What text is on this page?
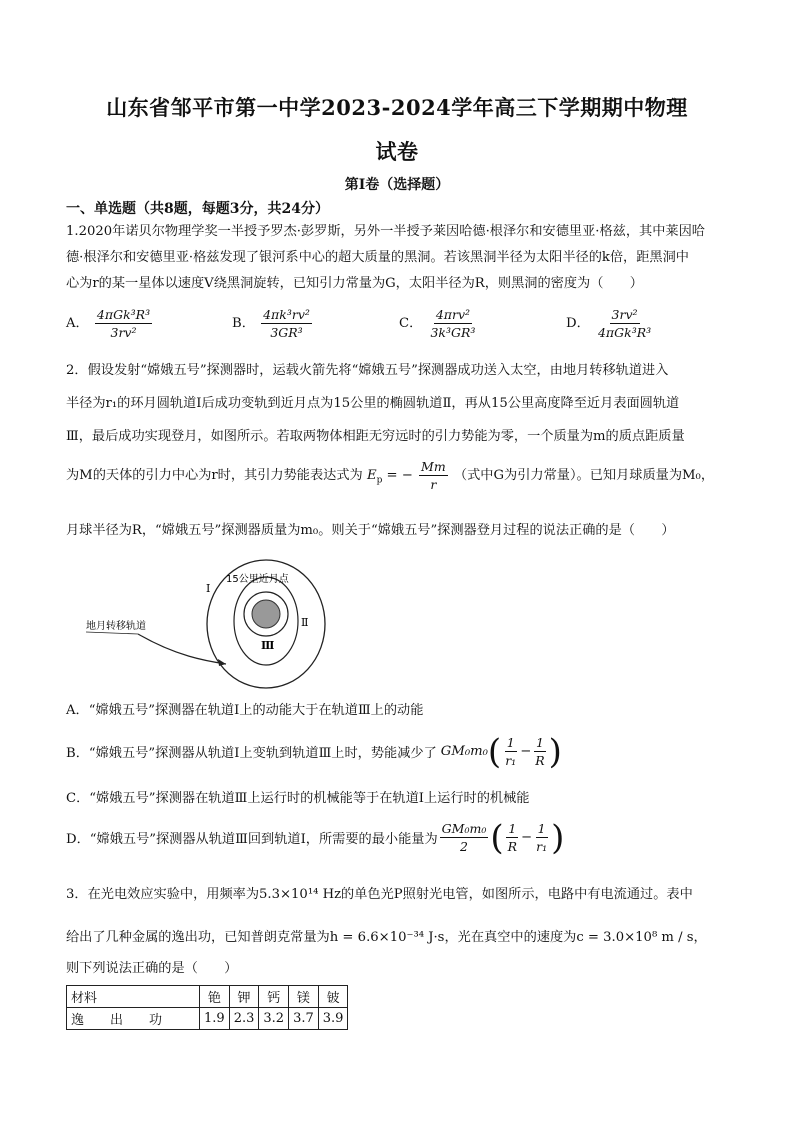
山东省邹平市第一中学2023-2024学年高三下学期期中物理
试卷
第Ⅰ卷（选择题）
一、单选题（共8题，每题3分，共24分）
1.2020年诺贝尔物理学奖一半授予罗杰·彭罗斯，另外一半授予莱因哈德·根泽尔和安德里亚·格兹，其中莱因哈
德·根泽尔和安德里亚·格兹发现了银河系中心的超大质量的黑洞。若该黑洞半径为太阳半径的k倍，距黑洞中
心为r的某一星体以速度V绕黑洞旋转，已知引力常量为G，太阳半径为R，则黑洞的密度为（　　）
A． $\frac{\text{4πGk³R³}}{\text{3rv²}}$	B． $\frac{\text{4πk³rv²}}{\text{3GR³}}$	C． $\frac{\text{4πrv²}}{\text{3k³GR³}}$	D． $\frac{\text{3rv²}}{\text{4πGk³R³}}$
2．假设发射“嫦娥五号”探测器时，运载火箭先将“嫦娥五号”探测器成功送入太空，由地月转移轨道进入
半径为r₁的环月圆轨道Ⅰ后成功变轨到近月点为15公里的椭圆轨道Ⅱ，再从15公里高度降至近月表面圆轨道
Ⅲ，最后成功实现登月，如图所示。若取两物体相距无穷远时的引力势能为零，一个质量为m的质点距质量
为M的天体的引力中心为r时，其引力势能表达式为 $E_p$ = − $\frac{Mm}{r}$ （式中G为引力常量）。已知月球质量为M₀，
月球半径为R，“嫦娥五号”探测器质量为m₀。则关于“嫦娥五号”探测器登月过程的说法正确的是（　　）
15公里近月点
Ⅰ
Ⅱ
Ⅲ
地月转移轨道
A．“嫦娥五号”探测器在轨道Ⅰ上的动能大于在轨道Ⅲ上的动能
B．“嫦娥五号”探测器从轨道Ⅰ上变轨到轨道Ⅲ上时，势能减少了 GM₀m₀ ( $\frac{1}{\text{r₁}} - \frac{1}{R}$ )
C．“嫦娥五号”探测器在轨道Ⅲ上运行时的机械能等于在轨道Ⅰ上运行时的机械能
D．“嫦娥五号”探测器从轨道Ⅲ回到轨道Ⅰ，所需要的最小能量为 $\frac{\text{GM₀m₀}}{2}$ ( $\frac{1}{R} - \frac{1}{\text{r₁}}$ )
3．在光电效应实验中，用频率为5.3×10¹⁴ Hz的单色光P照射光电管，如图所示，电路中有电流通过。表中
给出了几种金属的逸出功，已知普朗克常量为h = 6.6×10⁻³⁴ J·s，光在真空中的速度为c = 3.0×10⁸ m / s，
则下列说法正确的是（　　）
材料	铯	钾	钙	镁	铍
逸　　出　　功	1.9	2.3	3.2	3.7	3.9
